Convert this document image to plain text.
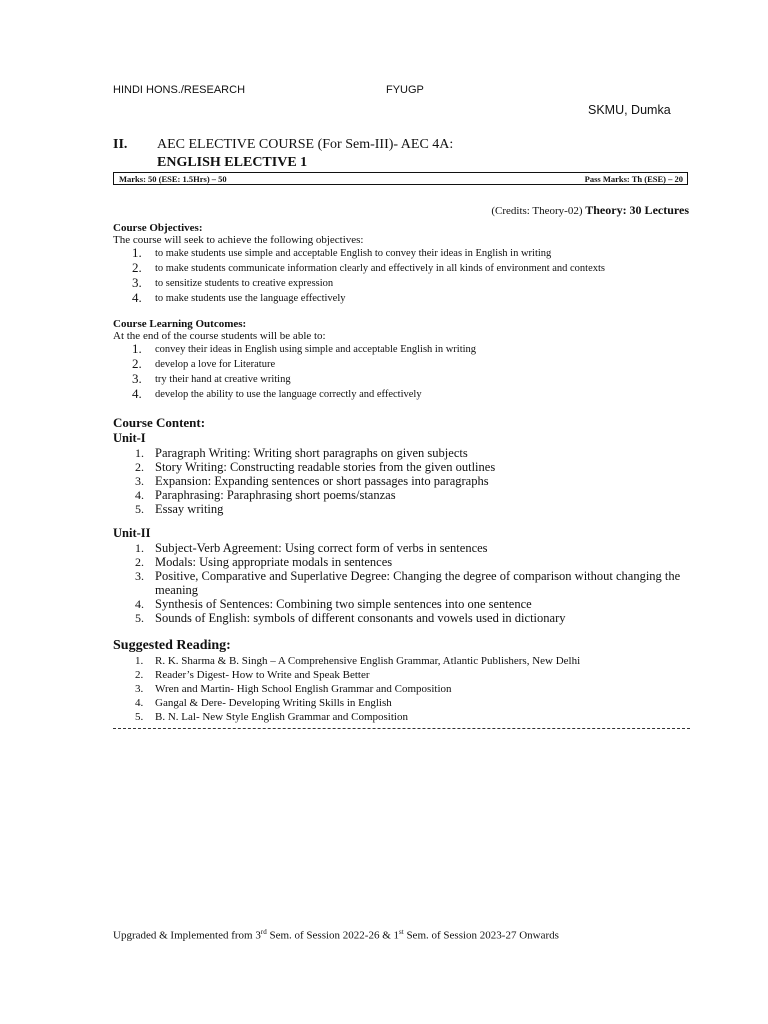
HINDI HONS./RESEARCH	FYUGP
SKMU, Dumka
II. AEC ELECTIVE COURSE (For Sem-III)- AEC 4A:
ENGLISH ELECTIVE 1
Marks: 50 (ESE: 1.5Hrs) – 50	Pass Marks: Th (ESE) – 20
(Credits: Theory-02) Theory: 30 Lectures
Course Objectives:
The course will seek to achieve the following objectives:
1. to make students use simple and acceptable English to convey their ideas in English in writing
2. to make students communicate information clearly and effectively in all kinds of environment and contexts
3. to sensitize students to creative expression
4. to make students use the language effectively
Course Learning Outcomes:
At the end of the course students will be able to:
1. convey their ideas in English using simple and acceptable English in writing
2. develop a love for Literature
3. try their hand at creative writing
4. develop the ability to use the language correctly and effectively
Course Content:
Unit-I
1. Paragraph Writing: Writing short paragraphs on given subjects
2. Story Writing: Constructing readable stories from the given outlines
3. Expansion: Expanding sentences or short passages into paragraphs
4. Paraphrasing: Paraphrasing short poems/stanzas
5. Essay writing
Unit-II
1. Subject-Verb Agreement: Using correct form of verbs in sentences
2. Modals: Using appropriate modals in sentences
3. Positive, Comparative and Superlative Degree: Changing the degree of comparison without changing the meaning
4. Synthesis of Sentences: Combining two simple sentences into one sentence
5. Sounds of English: symbols of different consonants and vowels used in dictionary
Suggested Reading:
1. R. K. Sharma & B. Singh – A Comprehensive English Grammar, Atlantic Publishers, New Delhi
2. Reader’s Digest- How to Write and Speak Better
3. Wren and Martin- High School English Grammar and Composition
4. Gangal & Dere- Developing Writing Skills in English
5. B. N. Lal- New Style English Grammar and Composition
Upgraded & Implemented from 3rd Sem. of Session 2022-26 & 1st Sem. of Session 2023-27 Onwards
